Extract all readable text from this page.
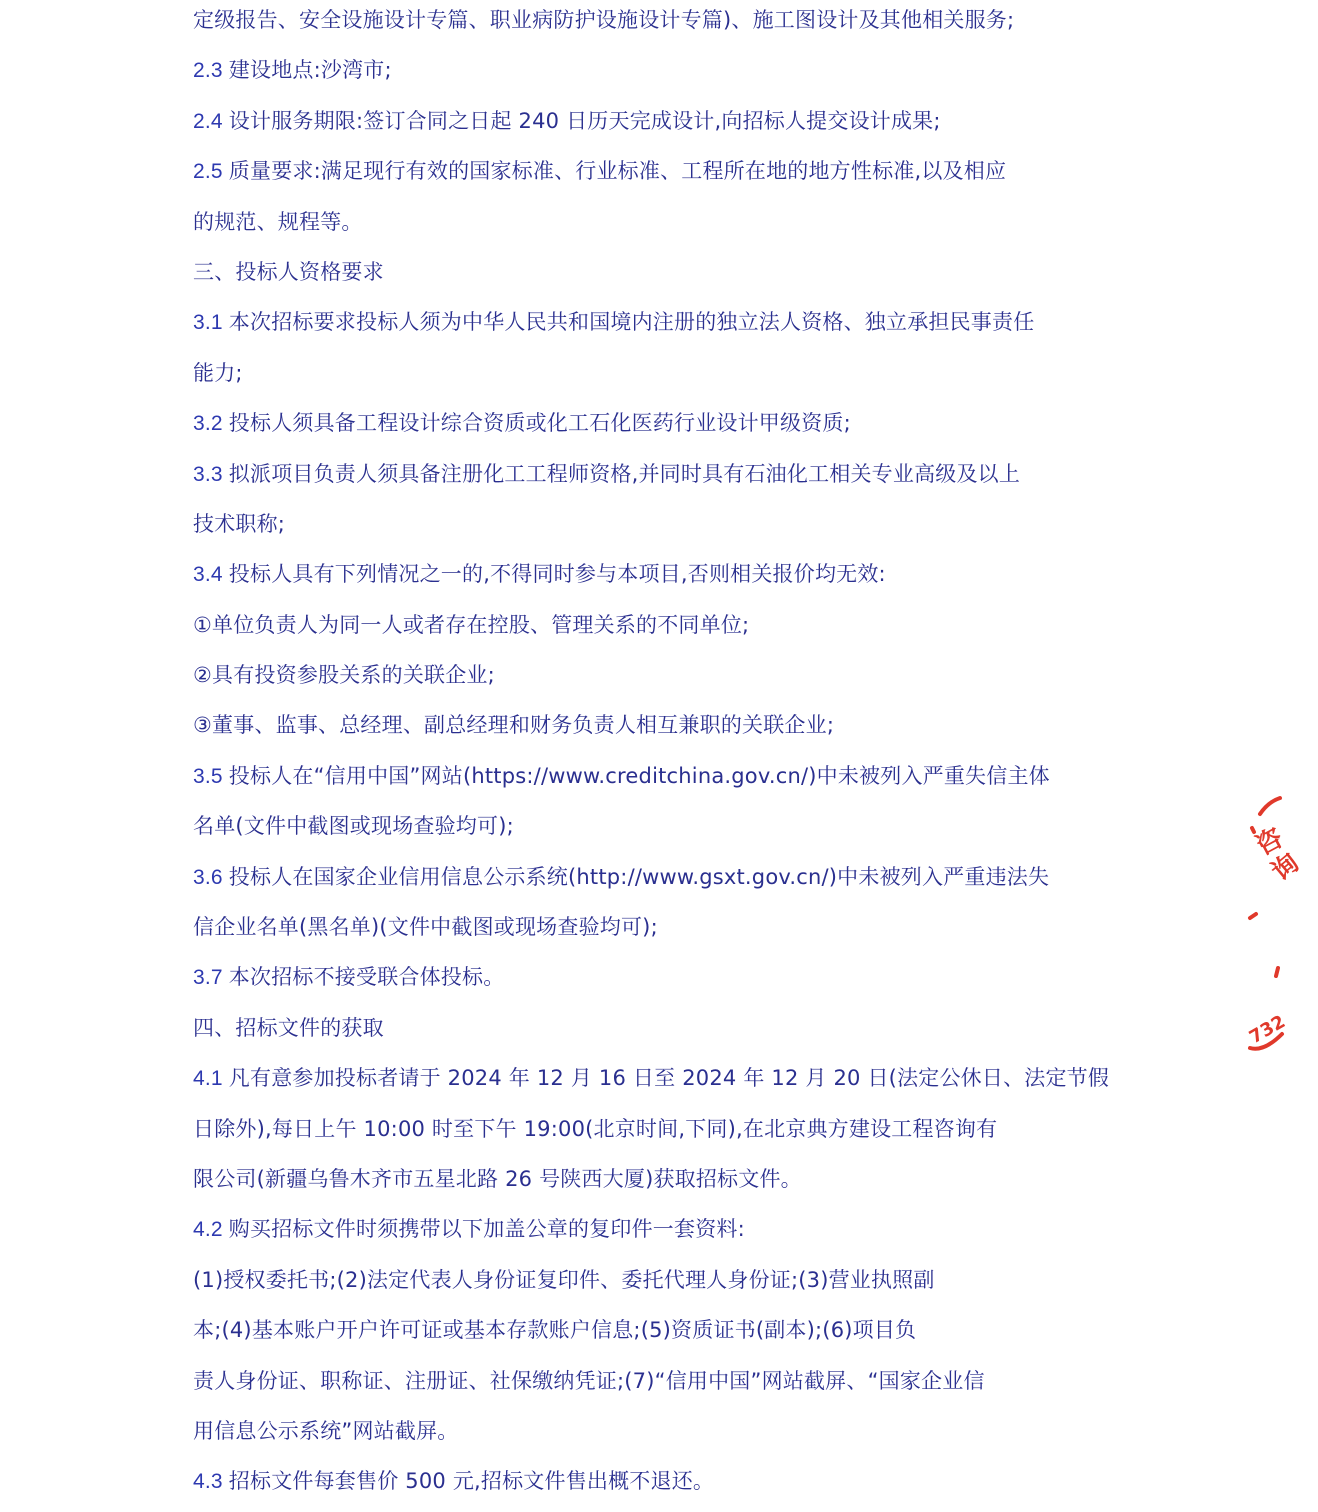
定级报告、安全设施设计专篇、职业病防护设施设计专篇)、施工图设计及其他相关服务;
2.3 建设地点:沙湾市;
2.4 设计服务期限:签订合同之日起 240 日历天完成设计,向招标人提交设计成果;
2.5 质量要求:满足现行有效的国家标准、行业标准、工程所在地的地方性标准,以及相应
的规范、规程等。
三、投标人资格要求
3.1 本次招标要求投标人须为中华人民共和国境内注册的独立法人资格、独立承担民事责任
能力;
3.2 投标人须具备工程设计综合资质或化工石化医药行业设计甲级资质;
3.3 拟派项目负责人须具备注册化工工程师资格,并同时具有石油化工相关专业高级及以上
技术职称;
3.4 投标人具有下列情况之一的,不得同时参与本项目,否则相关报价均无效:
①单位负责人为同一人或者存在控股、管理关系的不同单位;
②具有投资参股关系的关联企业;
③董事、监事、总经理、副总经理和财务负责人相互兼职的关联企业;
3.5 投标人在“信用中国”网站(https://www.creditchina.gov.cn/)中未被列入严重失信主体
名单(文件中截图或现场查验均可);
3.6 投标人在国家企业信用信息公示系统(http://www.gsxt.gov.cn/)中未被列入严重违法失
信企业名单(黑名单)(文件中截图或现场查验均可);
3.7 本次招标不接受联合体投标。
四、招标文件的获取
4.1 凡有意参加投标者请于 2024 年 12 月 16 日至 2024 年 12 月 20 日(法定公休日、法定节假
日除外),每日上午 10:00 时至下午 19:00(北京时间,下同),在北京典方建设工程咨询有
限公司(新疆乌鲁木齐市五星北路 26 号陕西大厦)获取招标文件。
4.2 购买招标文件时须携带以下加盖公章的复印件一套资料:
(1)授权委托书;(2)法定代表人身份证复印件、委托代理人身份证;(3)营业执照副
本;(4)基本账户开户许可证或基本存款账户信息;(5)资质证书(副本);(6)项目负
责人身份证、职称证、注册证、社保缴纳凭证;(7)“信用中国”网站截屏、“国家企业信
用信息公示系统”网站截屏。
4.3 招标文件每套售价 500 元,招标文件售出概不退还。
咨
询
732
